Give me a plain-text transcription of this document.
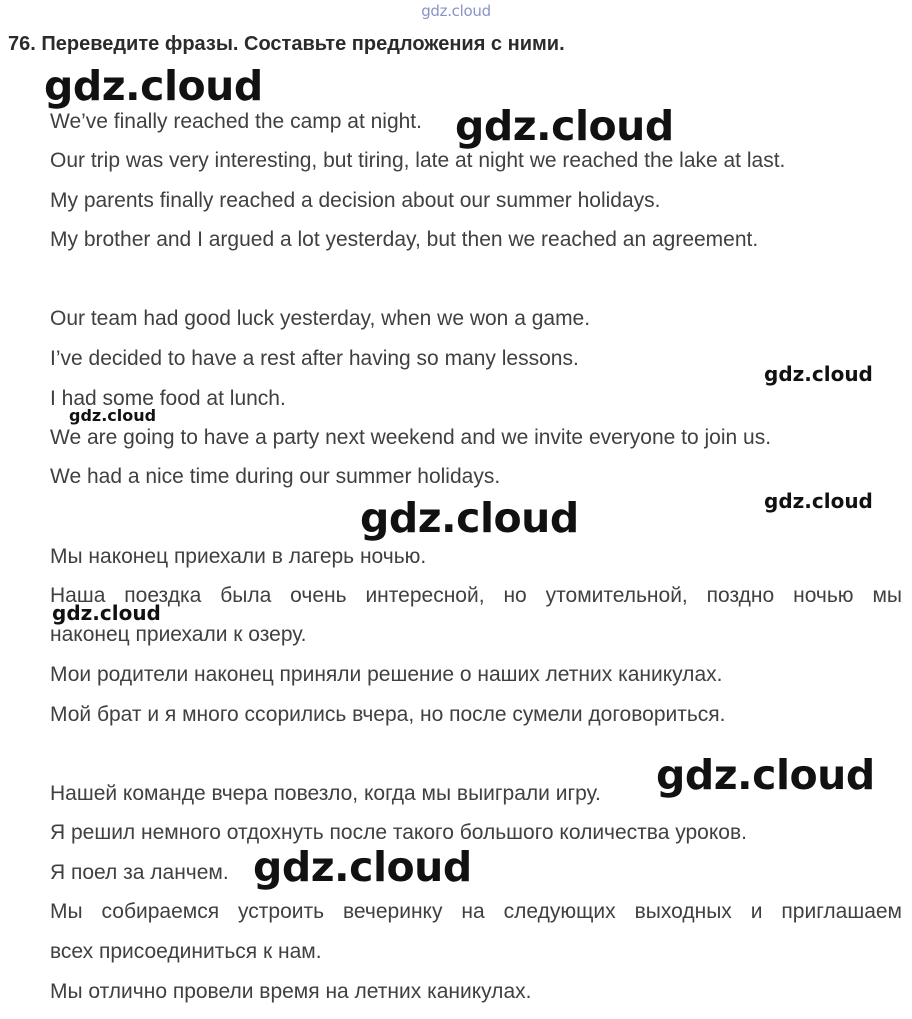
gdz.cloud
76. Переведите фразы. Составьте предложения с ними.
We’ve finally reached the camp at night.
Our trip was very interesting, but tiring, late at night we reached the lake at last.
My parents finally reached a decision about our summer holidays.
My brother and I argued a lot yesterday, but then we reached an agreement.
Our team had good luck yesterday, when we won a game.
I’ve decided to have a rest after having so many lessons.
I had some food at lunch.
We are going to have a party next weekend and we invite everyone to join us.
We had a nice time during our summer holidays.
Мы наконец приехали в лагерь ночью.
Наша поездка была очень интересной, но утомительной, поздно ночью мы
наконец приехали к озеру.
Мои родители наконец приняли решение о наших летних каникулах.
Мой брат и я много ссорились вчера, но после сумели договориться.
Нашей команде вчера повезло, когда мы выиграли игру.
Я решил немного отдохнуть после такого большого количества уроков.
Я поел за ланчем.
Мы собираемся устроить вечеринку на следующих выходных и приглашаем
всех присоединиться к нам.
Мы отлично провели время на летних каникулах.
gdz.cloud
gdz.cloud
gdz.cloud
gdz.cloud
gdz.cloud
gdz.cloud
gdz.cloud
gdz.cloud
gdz.cloud
